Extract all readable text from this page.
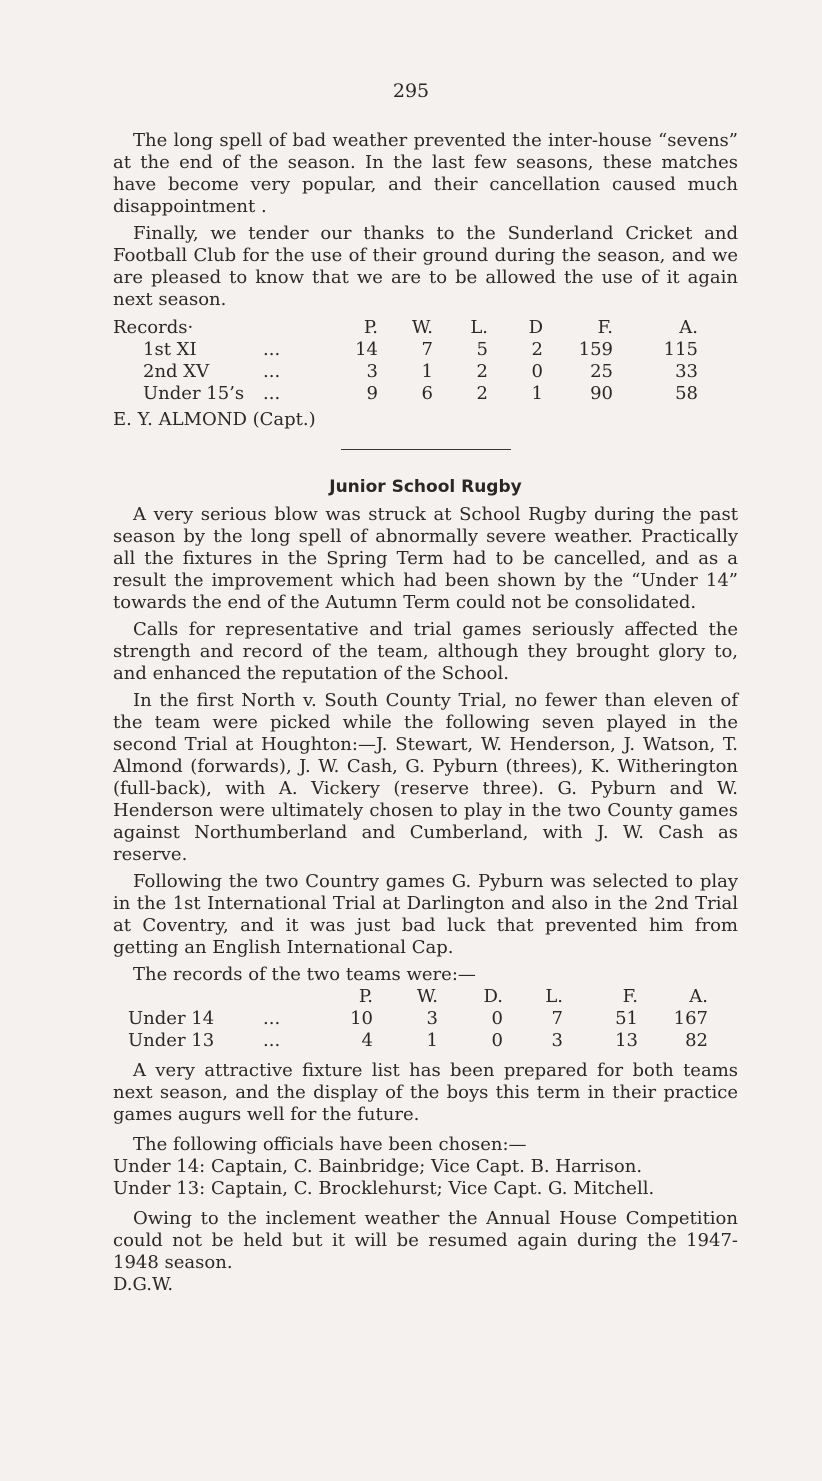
295

The long spell of bad weather prevented the inter-house “sevens” at the end of the season. In the last few seasons, these matches have become very popular, and their cancellation caused much disappointment .

Finally, we tender our thanks to the Sunderland Cricket and Football Club for the use of their ground during the season, and we are pleased to know that we are to be allowed the use of it again next season.

Records·		P.	W.	L.	D	F.	A.
1st XI	...	14	7	5	2	159	115
2nd XV	...	3	1	2	0	25	33
Under 15’s	...	9	6	2	1	90	58

E. Y. ALMOND (Capt.)

Junior School Rugby

A very serious blow was struck at School Rugby during the past season by the long spell of abnormally severe weather. Practically all the fixtures in the Spring Term had to be cancelled, and as a result the improvement which had been shown by the “Under 14” towards the end of the Autumn Term could not be consolidated.

Calls for representative and trial games seriously affected the strength and record of the team, although they brought glory to, and enhanced the reputation of the School.

In the first North v. South County Trial, no fewer than eleven of the team were picked while the following seven played in the second Trial at Houghton:—J. Stewart, W. Henderson, J. Watson, T. Almond (forwards), J. W. Cash, G. Pyburn (threes), K. Witherington (full-back), with A. Vickery (reserve three). G. Pyburn and W. Henderson were ultimately chosen to play in the two County games against Northumberland and Cumberland, with J. W. Cash as reserve.

Following the two Country games G. Pyburn was selected to play in the 1st International Trial at Darlington and also in the 2nd Trial at Coventry, and it was just bad luck that prevented him from getting an English International Cap.

The records of the two teams were:—

		P.	W.	D.	L.	F.	A.
Under 14	...	10	3	0	7	51	167
Under 13	...	4	1	0	3	13	82

A very attractive fixture list has been prepared for both teams next season, and the display of the boys this term in their practice games augurs well for the future.

The following officials have been chosen:—

Under 14: Captain, C. Bainbridge; Vice Capt. B. Harrison.

Under 13: Captain, C. Brocklehurst; Vice Capt. G. Mitchell.

Owing to the inclement weather the Annual House Competition could not be held but it will be resumed again during the 1947-1948 season.

D.G.W.
